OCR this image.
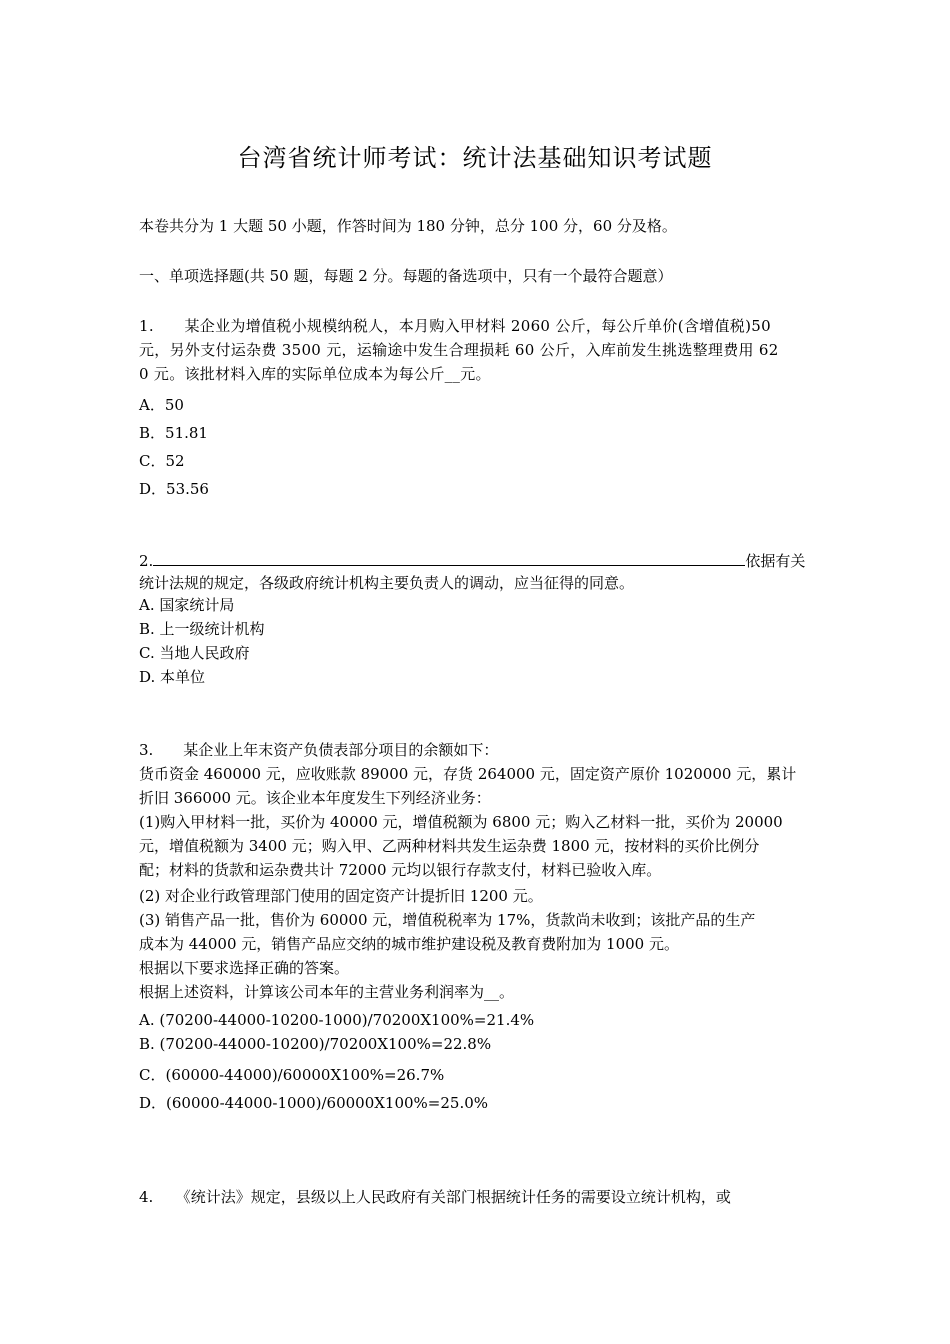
台湾省统计师考试：统计法基础知识考试题
本卷共分为 1 大题 50 小题，作答时间为 180 分钟，总分 100 分，60 分及格。
一、单项选择题(共 50 题，每题 2 分。每题的备选项中，只有一个最符合题意）
1.　　某企业为增值税小规模纳税人，本月购入甲材料 2060 公斤，每公斤单价(含增值税)50
元，另外支付运杂费 3500 元，运输途中发生合理损耗 60 公斤，入库前发生挑选整理费用 62
0 元。该批材料入库的实际单位成本为每公斤__元。
A．50
B．51.81
C．52
D．53.56
2.	依据有关
统计法规的规定，各级政府统计机构主要负责人的调动，应当征得的同意。
A. 国家统计局
B. 上一级统计机构
C. 当地人民政府
D. 本单位
3.　　某企业上年末资产负债表部分项目的余额如下：
货币资金 460000 元，应收账款 89000 元，存货 264000 元，固定资产原价 1020000 元，累计
折旧 366000 元。该企业本年度发生下列经济业务：
(1)购入甲材料一批，买价为 40000 元，增值税额为 6800 元；购入乙材料一批，买价为 20000
元，增值税额为 3400 元；购入甲、乙两种材料共发生运杂费 1800 元，按材料的买价比例分
配；材料的货款和运杂费共计 72000 元均以银行存款支付，材料已验收入库。
(2) 对企业行政管理部门使用的固定资产计提折旧 1200 元。
(3) 销售产品一批，售价为 60000 元，增值税税率为 17%，货款尚未收到；该批产品的生产
成本为 44000 元，销售产品应交纳的城市维护建设税及教育费附加为 1000 元。
根据以下要求选择正确的答案。
根据上述资料，计算该公司本年的主营业务利润率为__。
A. (70200-44000-10200-1000)/70200Ⅹ100%=21.4%
B. (70200-44000-10200)/70200Ⅹ100%=22.8%
C．(60000-44000)/60000Ⅹ100%=26.7%
D．(60000-44000-1000)/60000Ⅹ100%=25.0%
4.　　《统计法》规定，县级以上人民政府有关部门根据统计任务的需要设立统计机构，或
